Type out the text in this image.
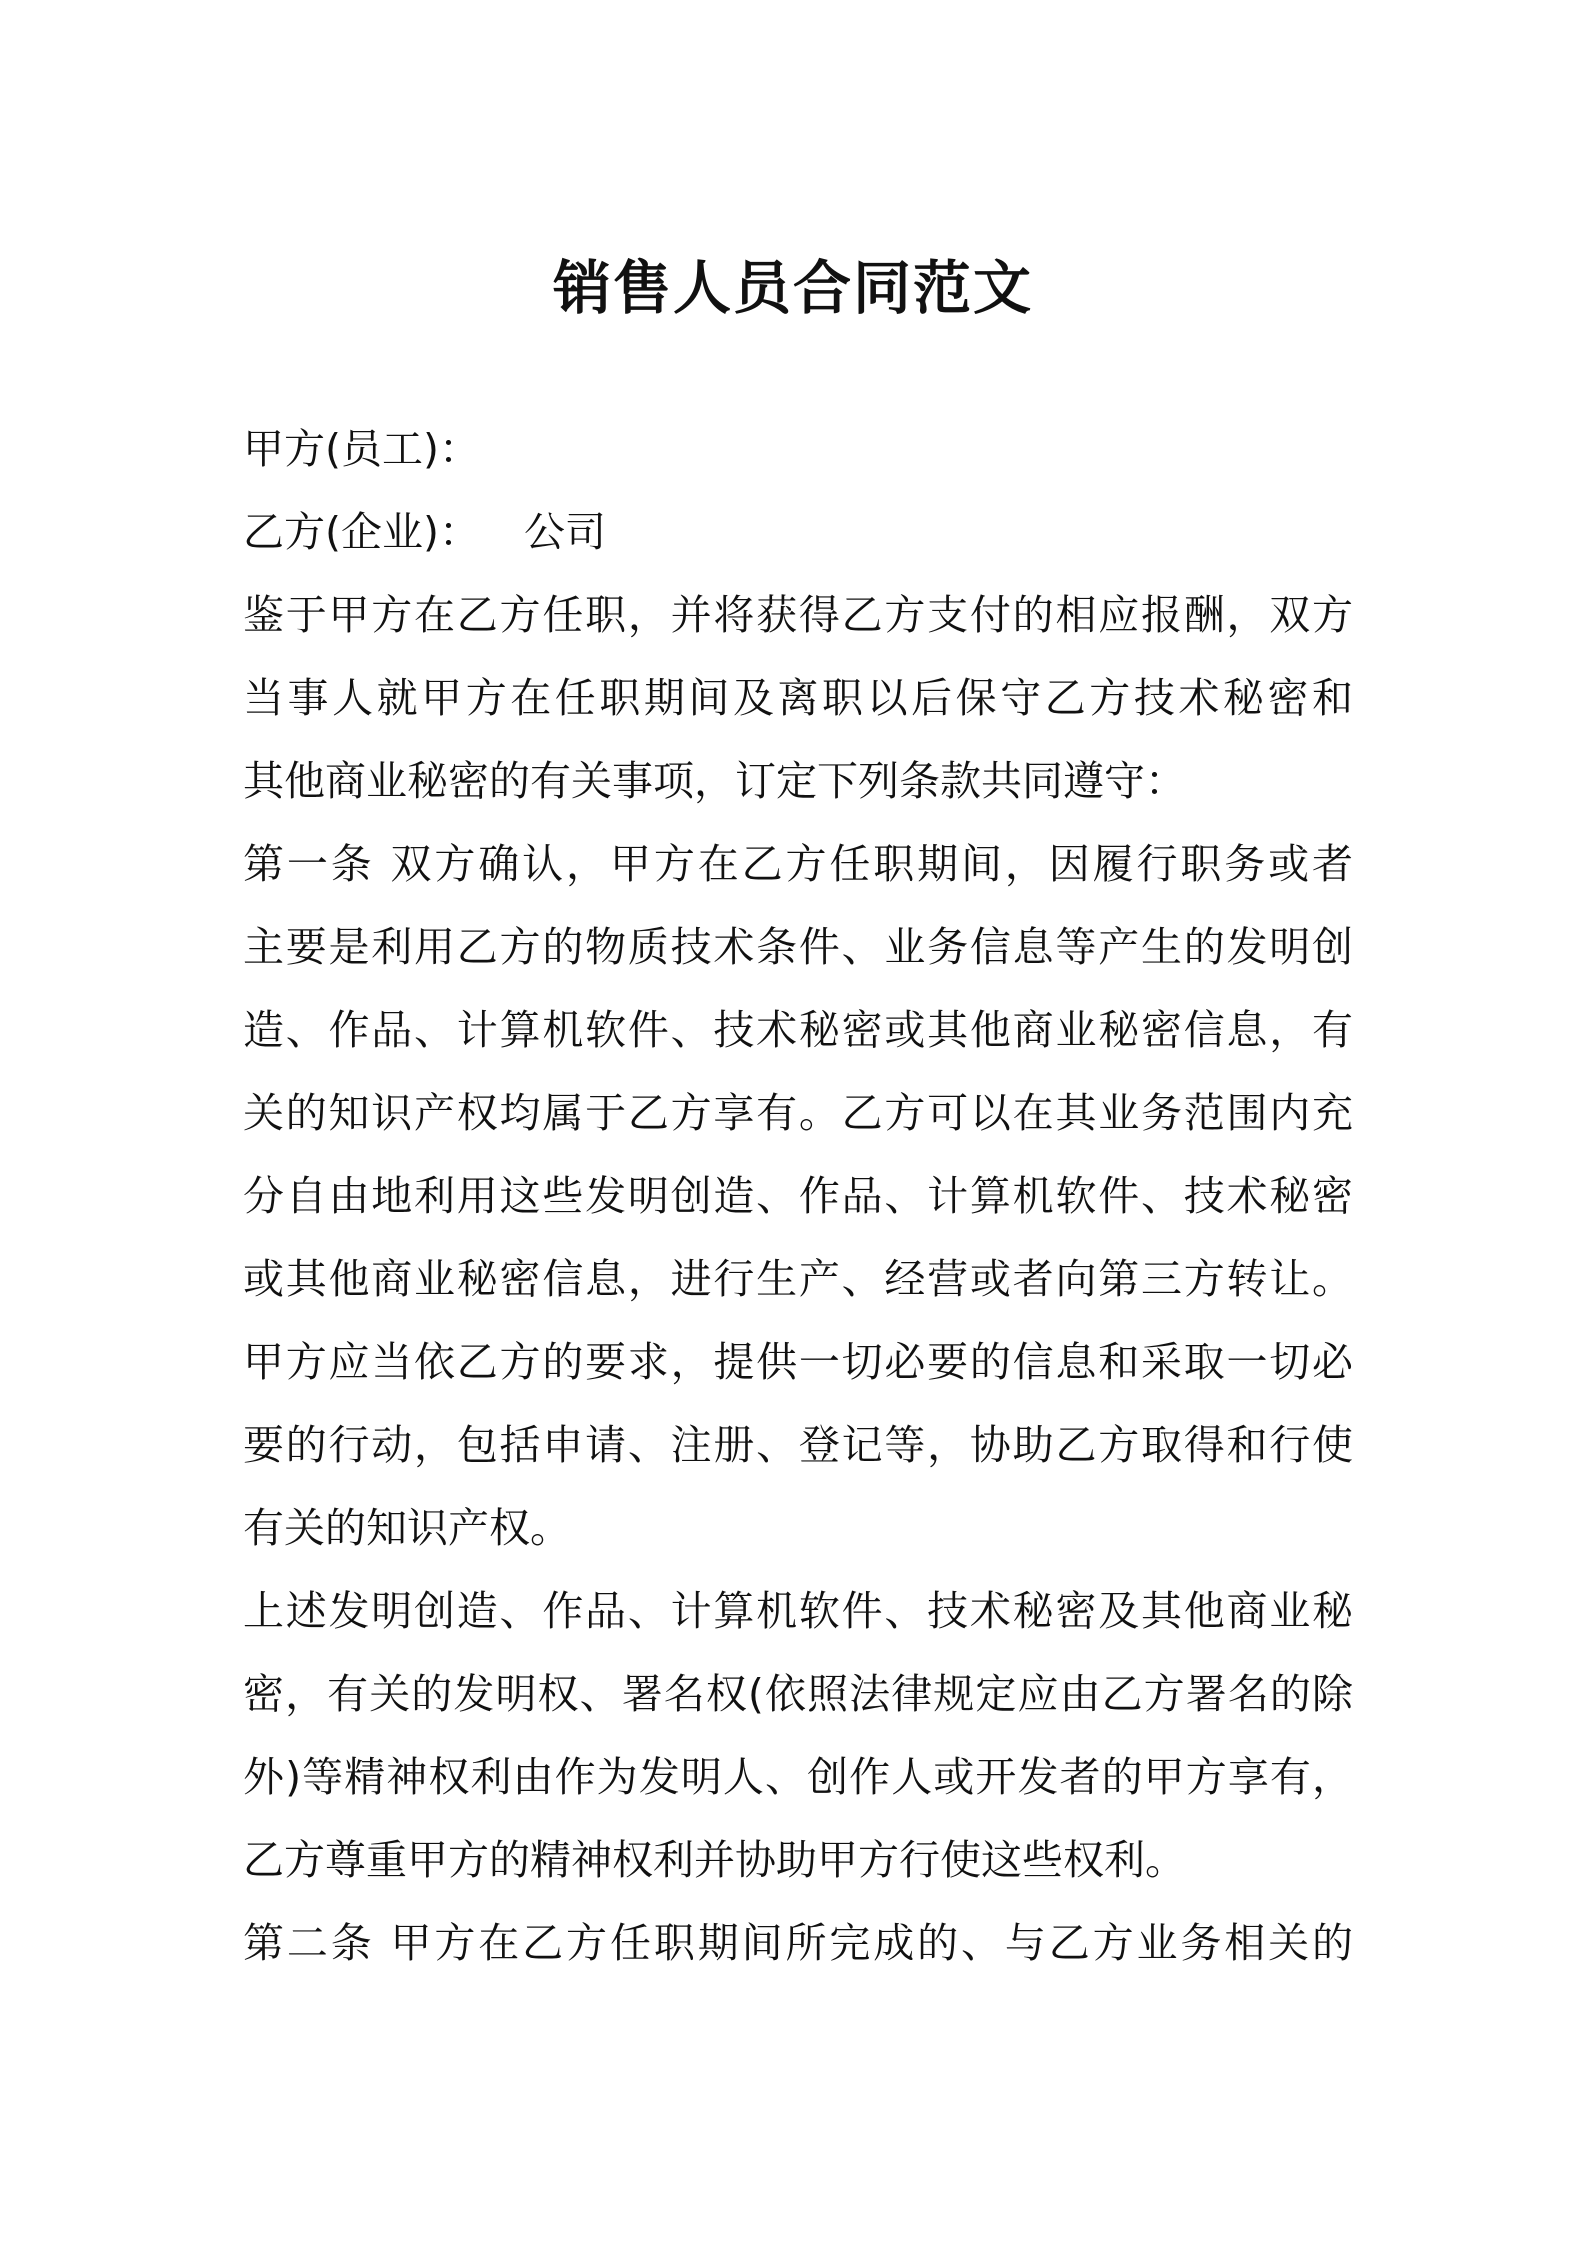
销售人员合同范文
甲方(员工)：
乙方(企业)： 公司
鉴于甲方在乙方任职，并将获得乙方支付的相应报酬，双方
当事人就甲方在任职期间及离职以后保守乙方技术秘密和
其他商业秘密的有关事项，订定下列条款共同遵守：
第一条 双方确认，甲方在乙方任职期间，因履行职务或者
主要是利用乙方的物质技术条件、业务信息等产生的发明创
造、作品、计算机软件、技术秘密或其他商业秘密信息，有
关的知识产权均属于乙方享有。乙方可以在其业务范围内充
分自由地利用这些发明创造、作品、计算机软件、技术秘密
或其他商业秘密信息，进行生产、经营或者向第三方转让。
甲方应当依乙方的要求，提供一切必要的信息和采取一切必
要的行动，包括申请、注册、登记等，协助乙方取得和行使
有关的知识产权。
上述发明创造、作品、计算机软件、技术秘密及其他商业秘
密，有关的发明权、署名权(依照法律规定应由乙方署名的除
外)等精神权利由作为发明人、创作人或开发者的甲方享有，
乙方尊重甲方的精神权利并协助甲方行使这些权利。
第二条 甲方在乙方任职期间所完成的、与乙方业务相关的
